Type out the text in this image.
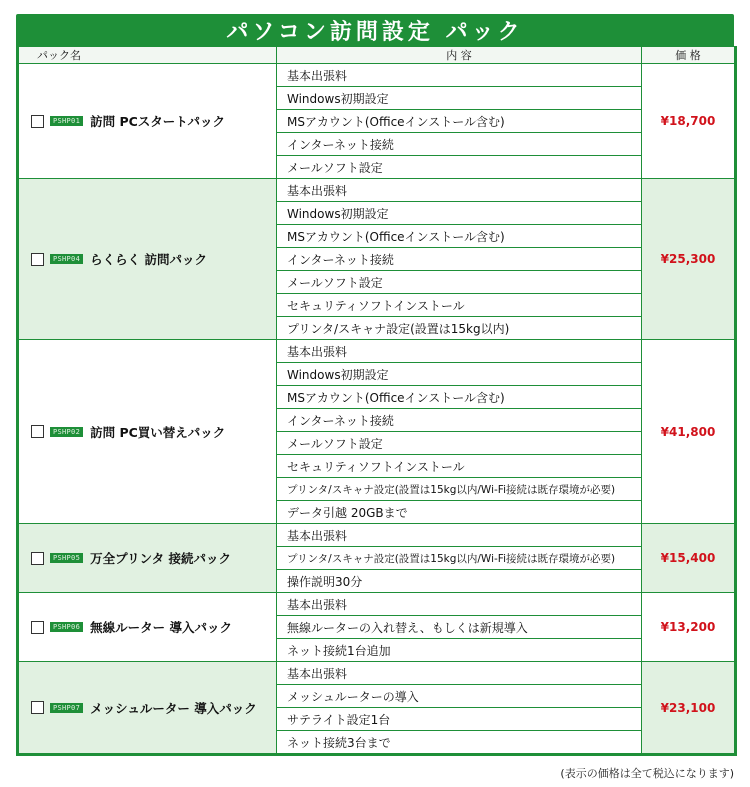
パソコン訪問設定 パック
パック名	内 容	価 格

PSHP01 訪問 PCスタートパック	基本出張料	¥18,700
	Windows初期設定	
	MSアカウント(Officeインストール含む)	
	インターネット接続	
	メールソフト設定	

PSHP04 らくらく 訪問パック	基本出張料	¥25,300
	Windows初期設定	
	MSアカウント(Officeインストール含む)	
	インターネット接続	
	メールソフト設定	
	セキュリティソフトインストール	
	プリンタ/スキャナ設定(設置は15kg以内)	

PSHP02 訪問 PC買い替えパック	基本出張料	¥41,800
	Windows初期設定	
	MSアカウント(Officeインストール含む)	
	インターネット接続	
	メールソフト設定	
	セキュリティソフトインストール	
	プリンタ/スキャナ設定(設置は15kg以内/Wi-Fi接続は既存環境が必要)	
	データ引越 20GBまで	

PSHP05 万全プリンタ 接続パック	基本出張料	¥15,400
	プリンタ/スキャナ設定(設置は15kg以内/Wi-Fi接続は既存環境が必要)	
	操作説明30分	

PSHP06 無線ルーター 導入パック	基本出張料	¥13,200
	無線ルーターの入れ替え、もしくは新規導入	
	ネット接続1台追加	

PSHP07 メッシュルーター 導入パック	基本出張料	¥23,100
	メッシュルーターの導入	
	サテライト設定1台	
	ネット接続3台まで	
(表示の価格は全て税込になります)
